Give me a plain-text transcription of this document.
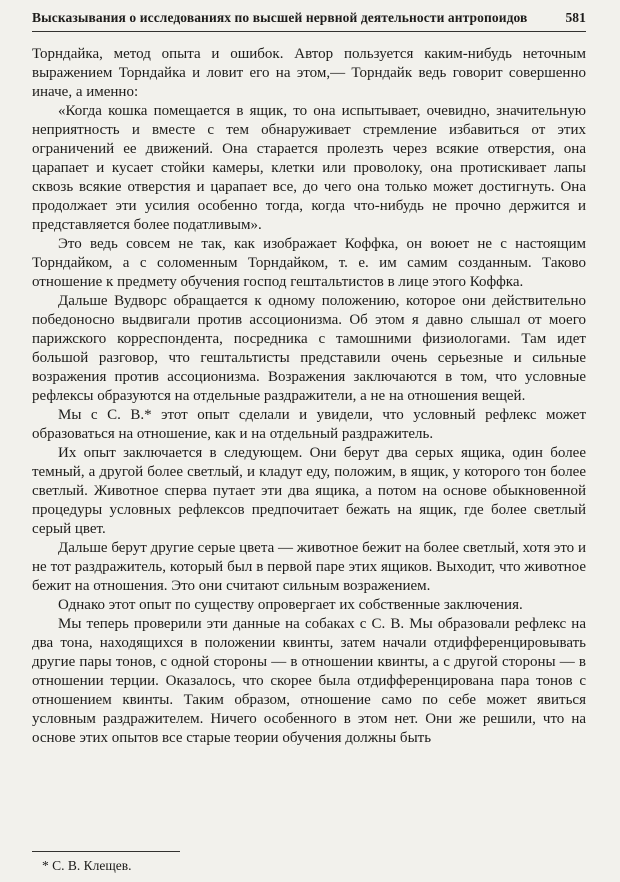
Высказывания о исследованиях по высшей нервной деятельности антропоидов	581

Торндайка, метод опыта и ошибок. Автор пользуется каким-нибудь неточным выражением Торндайка и ловит его на этом,— Торндайк ведь говорит совершенно иначе, а именно:

«Когда кошка помещается в ящик, то она испытывает, очевидно, значительную неприятность и вместе с тем обнаруживает стремление избавиться от этих ограничений ее движений. Она старается пролезть через всякие отверстия, она царапает и кусает стойки камеры, клетки или проволоку, она протискивает лапы сквозь всякие отверстия и царапает все, до чего она только может достигнуть. Она продолжает эти усилия особенно тогда, когда что-нибудь не прочно держится и представляется более податливым».

Это ведь совсем не так, как изображает Коффка, он воюет не с настоящим Торндайком, а с соломенным Торндайком, т. е. им самим созданным. Таково отношение к предмету обучения господ гештальтистов в лице этого Коффка.

Дальше Вудворс обращается к одному положению, которое они действительно победоносно выдвигали против ассоционизма. Об этом я давно слышал от моего парижского корреспондента, посредника с тамошними физиологами. Там идет большой разговор, что гештальтисты представили очень серьезные и сильные возражения против ассоционизма. Возражения заключаются в том, что условные рефлексы образуются на отдельные раздражители, а не на отношения вещей.

Мы с С. В.* этот опыт сделали и увидели, что условный рефлекс может образоваться на отношение, как и на отдельный раздражитель.

Их опыт заключается в следующем. Они берут два серых ящика, один более темный, а другой более светлый, и кладут еду, положим, в ящик, у которого тон более светлый. Животное сперва путает эти два ящика, а потом на основе обыкновенной процедуры условных рефлексов предпочитает бежать на ящик, где более светлый серый цвет.

Дальше берут другие серые цвета — животное бежит на более светлый, хотя это и не тот раздражитель, который был в первой паре этих ящиков. Выходит, что животное бежит на отношения. Это они считают сильным возражением.

Однако этот опыт по существу опровергает их собственные заключения.

Мы теперь проверили эти данные на собаках с С. В. Мы образовали рефлекс на два тона, находящихся в положении квинты, затем начали отдифференцировывать другие пары тонов, с одной стороны — в отношении квинты, а с другой стороны — в отношении терции. Оказалось, что скорее была отдифференцирована пара тонов с отношением квинты. Таким образом, отношение само по себе может явиться условным раздражителем. Ничего особенного в этом нет. Они же решили, что на основе этих опытов все старые теории обучения должны быть

* С. В. Клещев.
